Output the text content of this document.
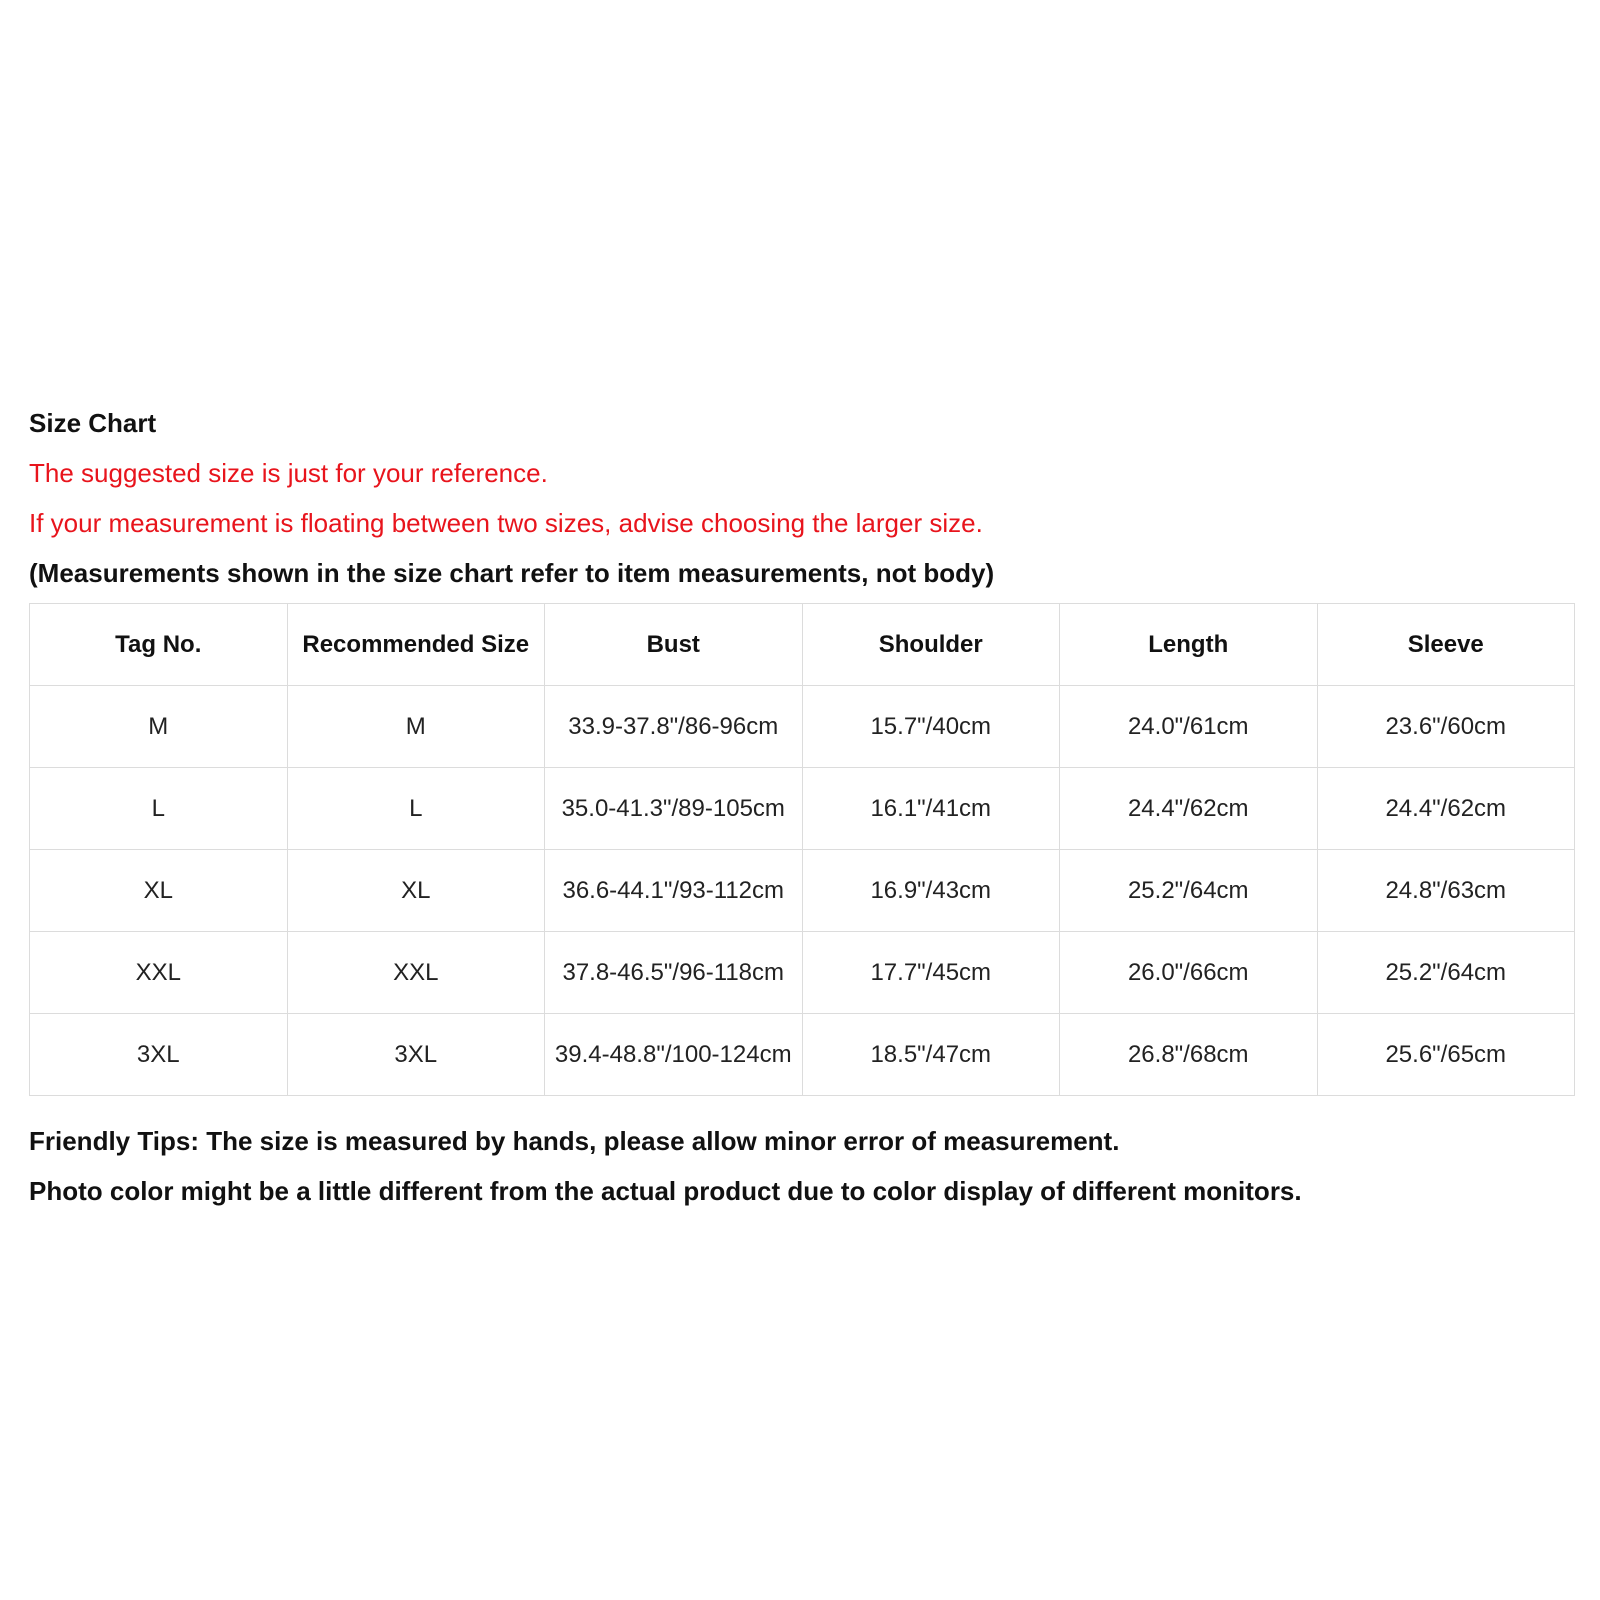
Size Chart
The suggested size is just for your reference.
If your measurement is floating between two sizes, advise choosing the larger size.
(Measurements shown in the size chart refer to item measurements, not body)
Tag No.	Recommended Size	Bust	Shoulder	Length	Sleeve
M	M	33.9-37.8"/86-96cm	15.7"/40cm	24.0"/61cm	23.6"/60cm
L	L	35.0-41.3"/89-105cm	16.1"/41cm	24.4"/62cm	24.4"/62cm
XL	XL	36.6-44.1"/93-112cm	16.9"/43cm	25.2"/64cm	24.8"/63cm
XXL	XXL	37.8-46.5"/96-118cm	17.7"/45cm	26.0"/66cm	25.2"/64cm
3XL	3XL	39.4-48.8"/100-124cm	18.5"/47cm	26.8"/68cm	25.6"/65cm
Friendly Tips: The size is measured by hands, please allow minor error of measurement.
Photo color might be a little different from the actual product due to color display of different monitors.
